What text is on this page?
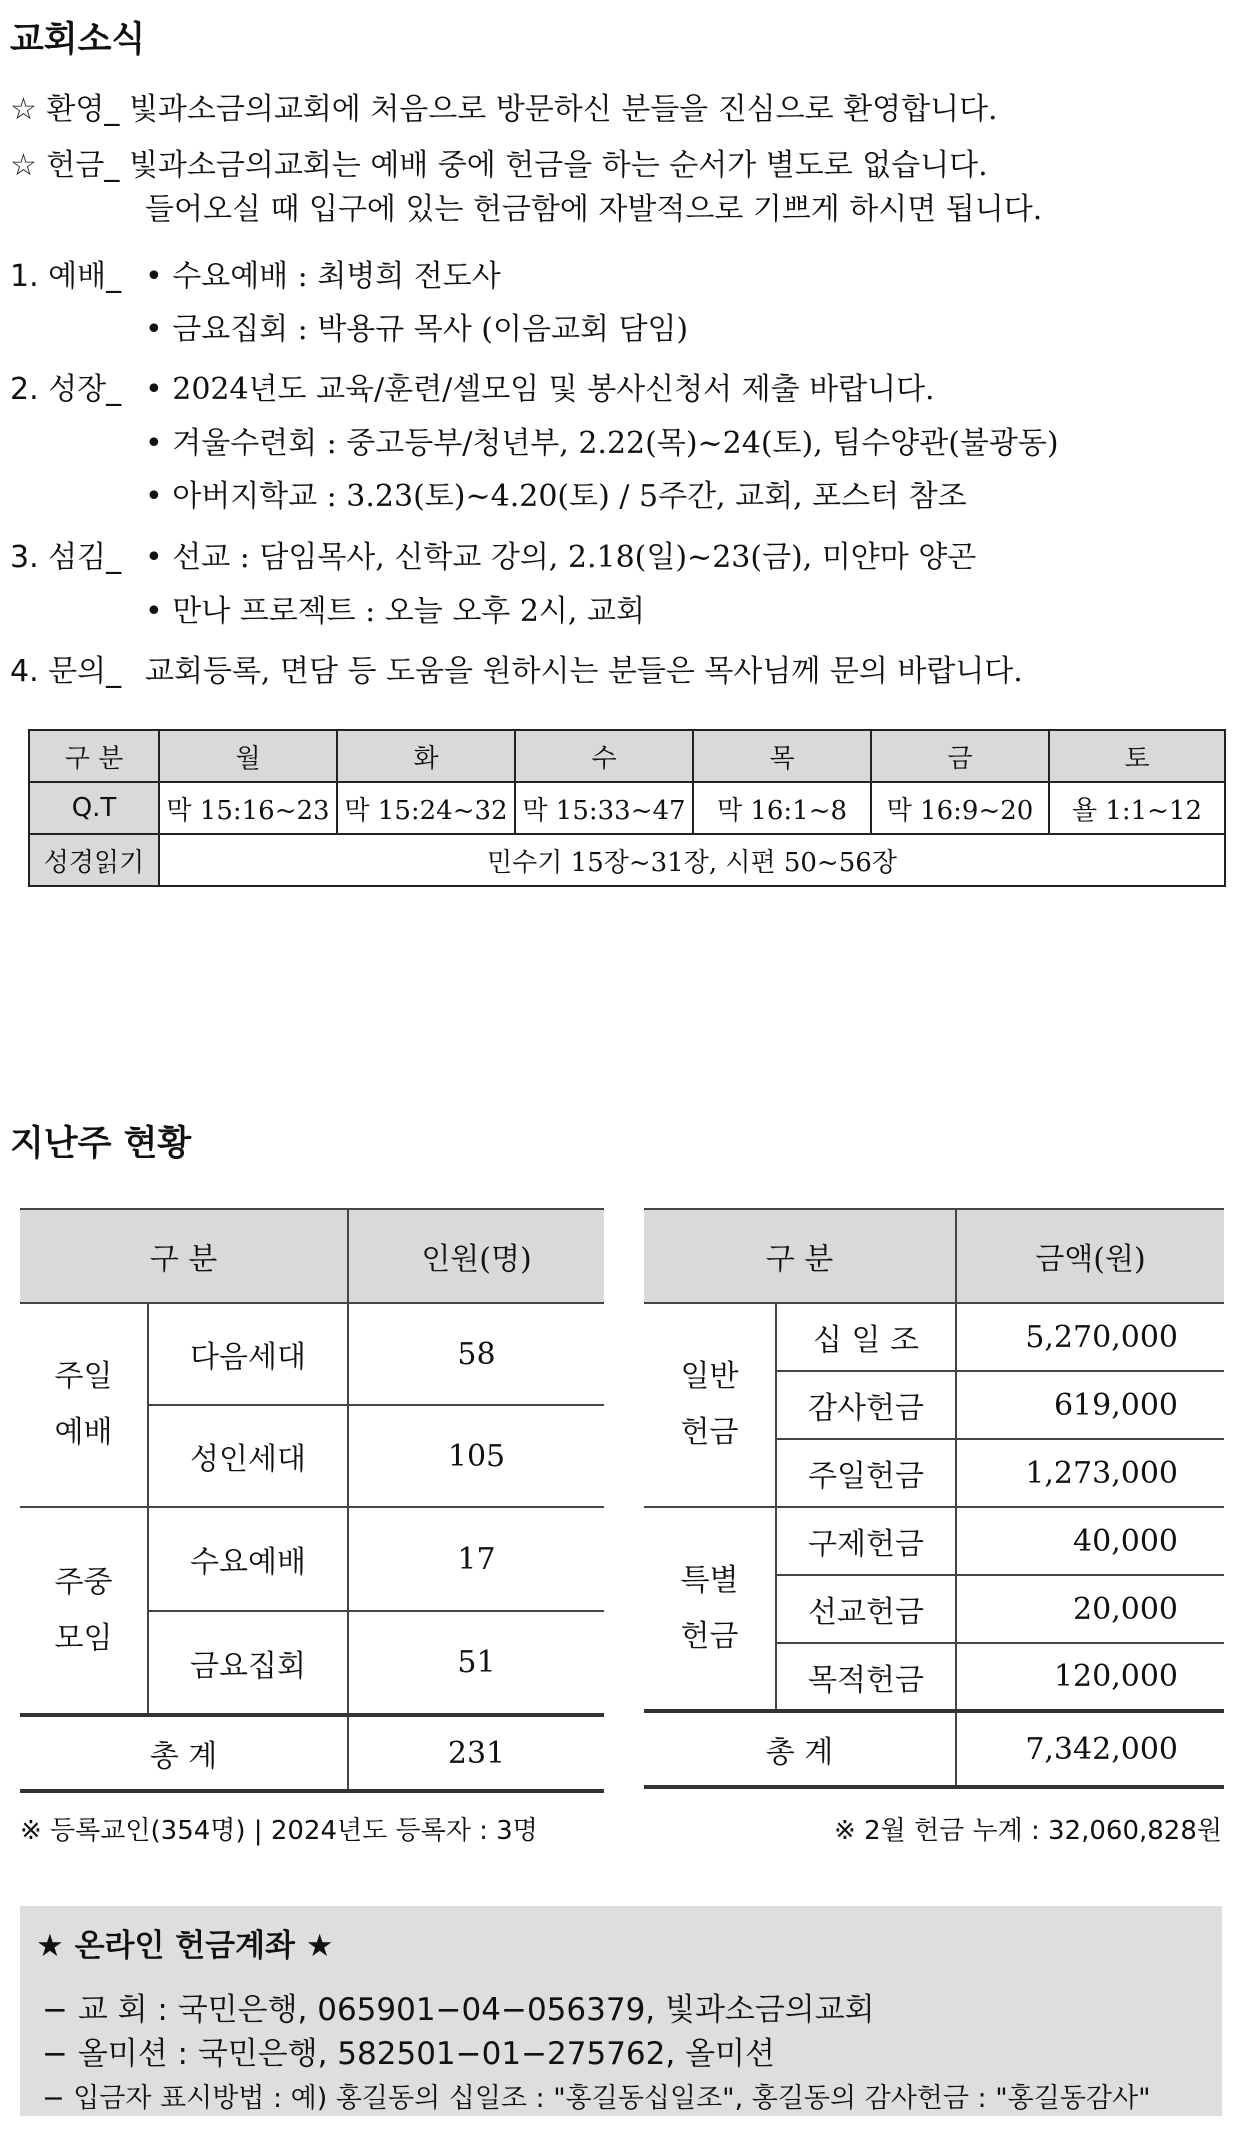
교회소식
☆ 환영_ 빛과소금의교회에 처음으로 방문하신 분들을 진심으로 환영합니다.
☆ 헌금_ 빛과소금의교회는 예배 중에 헌금을 하는 순서가 별도로 없습니다.
들어오실 때 입구에 있는 헌금함에 자발적으로 기쁘게 하시면 됩니다.
1. 예배_ • 수요예배 : 최병희 전도사
• 금요집회 : 박용규 목사 (이음교회 담임)
2. 성장_ • 2024년도 교육/훈련/셀모임 및 봉사신청서 제출 바랍니다.
• 겨울수련회 : 중고등부/청년부, 2.22(목)~24(토), 팀수양관(불광동)
• 아버지학교 : 3.23(토)~4.20(토) / 5주간, 교회, 포스터 참조
3. 섬김_ • 선교 : 담임목사, 신학교 강의, 2.18(일)~23(금), 미얀마 양곤
• 만나 프로젝트 : 오늘 오후 2시, 교회
4. 문의_ 교회등록, 면담 등 도움을 원하시는 분들은 목사님께 문의 바랍니다.
구 분	월	화	수	목	금	토
Q.T	막 15:16~23	막 15:24~32	막 15:33~47	막 16:1~8	막 16:9~20	욜 1:1~12
성경읽기	민수기 15장~31장, 시편 50~56장					
지난주 현황
구 분		인원(명)
주일
예배	다음세대	58
	성인세대	105
주중
모임	수요예배	17
	금요집회	51
총 계		231
구 분		금액(원)
일반
헌금	십 일 조	5,270,000
	감사헌금	619,000
	주일헌금	1,273,000
특별
헌금	구제헌금	40,000
	선교헌금	20,000
	목적헌금	120,000
총 계		7,342,000
※ 등록교인(354명) | 2024년도 등록자 : 3명	※ 2월 헌금 누계 : 32,060,828원
★ 온라인 헌금계좌 ★
− 교 회 : 국민은행, 065901−04−056379, 빛과소금의교회
− 올미션 : 국민은행, 582501−01−275762, 올미션
− 입금자 표시방법 : 예) 홍길동의 십일조 : "홍길동십일조", 홍길동의 감사헌금 : "홍길동감사"
